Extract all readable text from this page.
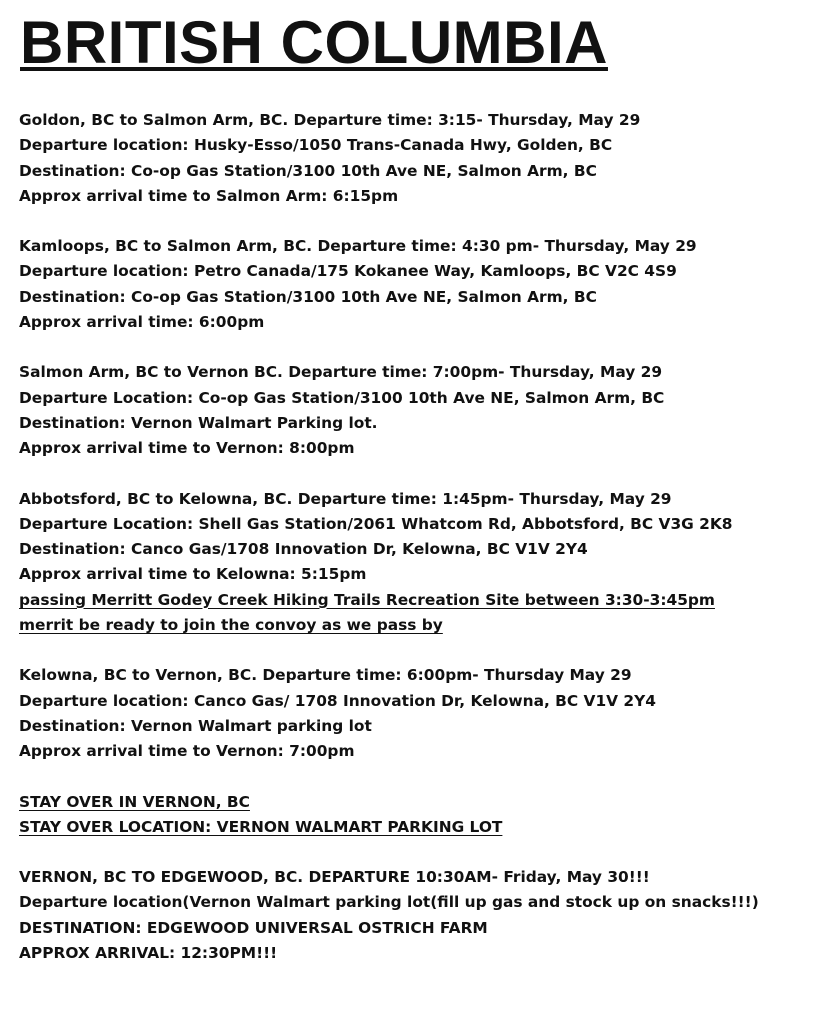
BRITISH COLUMBIA
Goldon, BC to Salmon Arm, BC. Departure time: 3:15- Thursday, May 29
Departure location: Husky-Esso/1050 Trans-Canada Hwy, Golden, BC
Destination: Co-op Gas Station/3100 10th Ave NE, Salmon Arm, BC
Approx arrival time to Salmon Arm: 6:15pm
Kamloops, BC to Salmon Arm, BC. Departure time: 4:30 pm- Thursday, May 29
Departure location: Petro Canada/175 Kokanee Way, Kamloops, BC V2C 4S9
Destination: Co-op Gas Station/3100 10th Ave NE, Salmon Arm, BC
Approx arrival time: 6:00pm
Salmon Arm, BC to Vernon BC. Departure time: 7:00pm- Thursday, May 29
Departure Location: Co-op Gas Station/3100 10th Ave NE, Salmon Arm, BC
Destination: Vernon Walmart Parking lot.
Approx arrival time to Vernon: 8:00pm
Abbotsford, BC to Kelowna, BC. Departure time: 1:45pm- Thursday, May 29
Departure Location: Shell Gas Station/2061 Whatcom Rd, Abbotsford, BC V3G 2K8
Destination: Canco Gas/1708 Innovation Dr, Kelowna, BC V1V 2Y4
Approx arrival time to Kelowna: 5:15pm
passing Merritt Godey Creek Hiking Trails Recreation Site between 3:30-3:45pm
merrit be ready to join the convoy as we pass by
Kelowna, BC to Vernon, BC. Departure time: 6:00pm- Thursday May 29
Departure location: Canco Gas/ 1708 Innovation Dr, Kelowna, BC V1V 2Y4
Destination: Vernon Walmart parking lot
Approx arrival time to Vernon: 7:00pm
STAY OVER IN VERNON, BC
STAY OVER LOCATION: VERNON WALMART PARKING LOT
VERNON, BC TO EDGEWOOD, BC. DEPARTURE 10:30AM- Friday, May 30!!!
Departure location(Vernon Walmart parking lot(fill up gas and stock up on snacks!!!)
DESTINATION: EDGEWOOD UNIVERSAL OSTRICH FARM
APPROX ARRIVAL: 12:30PM!!!
